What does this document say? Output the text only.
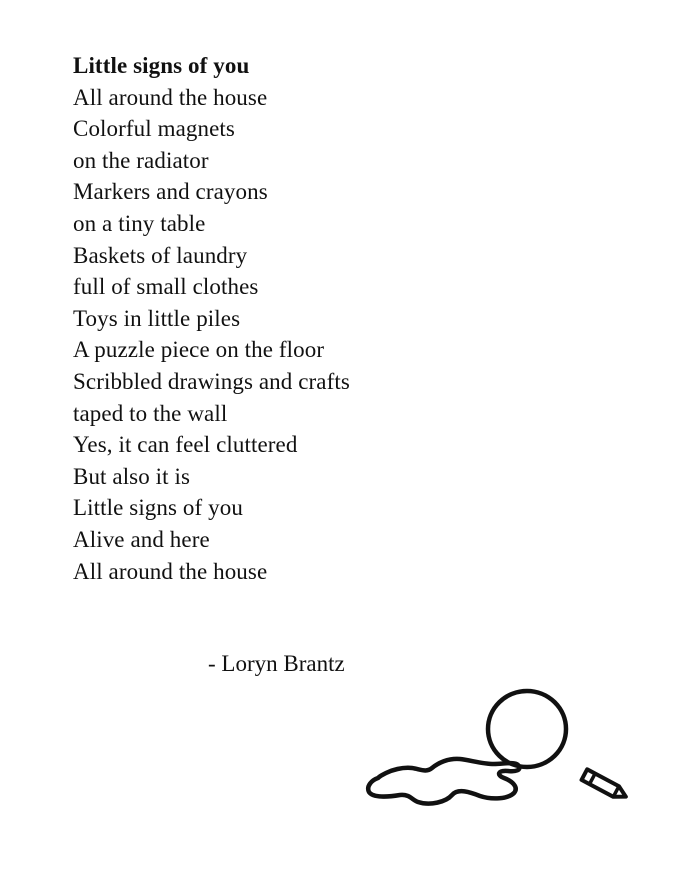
Little signs of you
All around the house
Colorful magnets
on the radiator
Markers and crayons
on a tiny table
Baskets of laundry
full of small clothes
Toys in little piles
A puzzle piece on the floor
Scribbled drawings and crafts
taped to the wall
Yes, it can feel cluttered
But also it is
Little signs of you
Alive and here
All around the house
- Loryn Brantz
